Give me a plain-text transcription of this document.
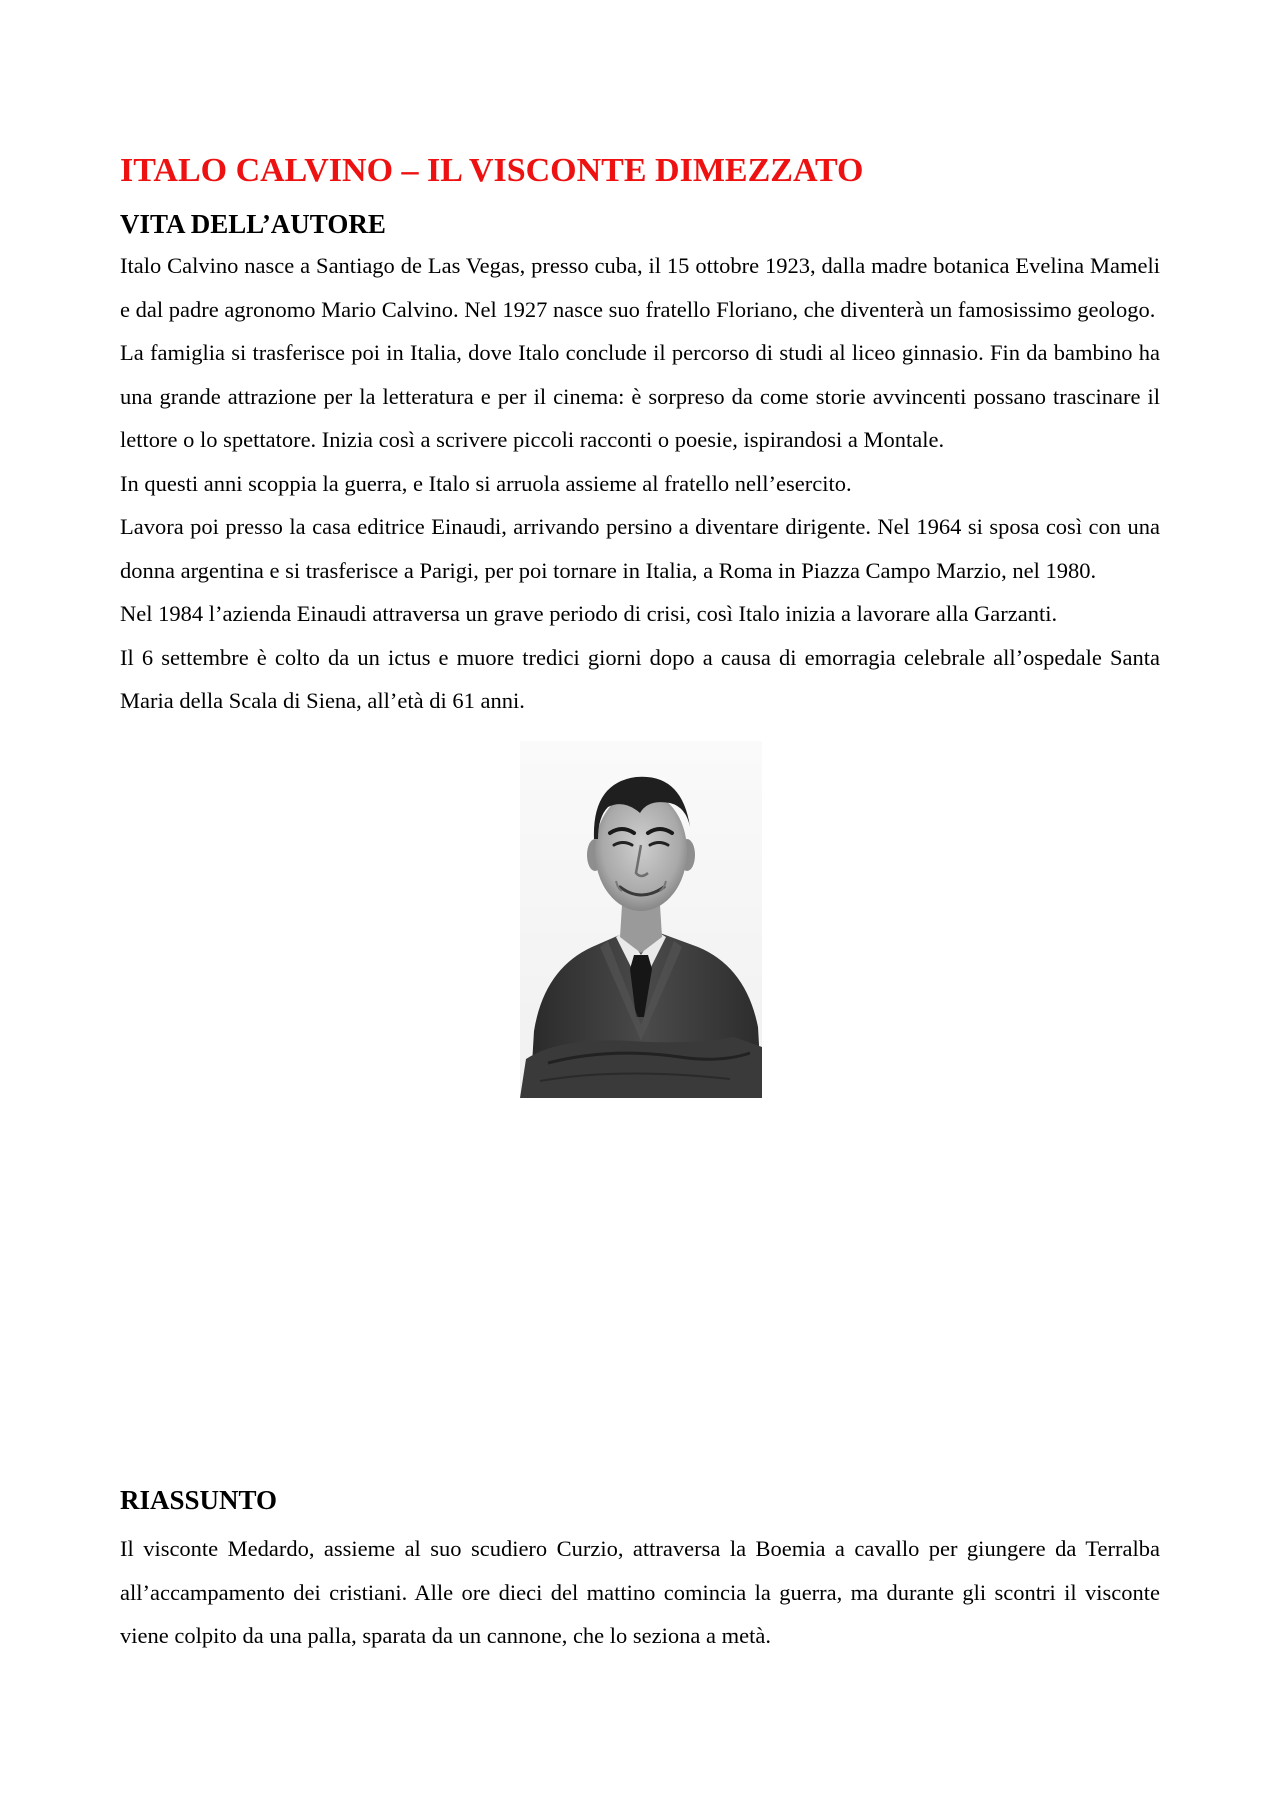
ITALO CALVINO – IL VISCONTE DIMEZZATO
VITA DELL’AUTORE

Italo Calvino nasce a Santiago de Las Vegas, presso cuba, il 15 ottobre 1923, dalla madre botanica Evelina Mameli e dal padre agronomo Mario Calvino. Nel 1927 nasce suo fratello Floriano, che diventerà un famosissimo geologo.

La famiglia si trasferisce poi in Italia, dove Italo conclude il percorso di studi al liceo ginnasio. Fin da bambino ha una grande attrazione per la letteratura e per il cinema: è sorpreso da come storie avvincenti possano trascinare il lettore o lo spettatore. Inizia così a scrivere piccoli racconti o poesie, ispirandosi a Montale.

In questi anni scoppia la guerra, e Italo si arruola assieme al fratello nell’esercito.

Lavora poi presso la casa editrice Einaudi, arrivando persino a diventare dirigente. Nel 1964 si sposa così con una donna argentina e si trasferisce a Parigi, per poi tornare in Italia, a Roma in Piazza Campo Marzio, nel 1980.

Nel 1984 l’azienda Einaudi attraversa un grave periodo di crisi, così Italo inizia a lavorare alla Garzanti.

Il 6 settembre è colto da un ictus e muore tredici giorni dopo a causa di emorragia celebrale all’ospedale Santa Maria della Scala di Siena, all’età di 61 anni.

RIASSUNTO

Il visconte Medardo, assieme al suo scudiero Curzio, attraversa la Boemia a cavallo per giungere da Terralba all’accampamento dei cristiani. Alle ore dieci del mattino comincia la guerra, ma durante gli scontri il visconte viene colpito da una palla, sparata da un cannone, che lo seziona a metà.
